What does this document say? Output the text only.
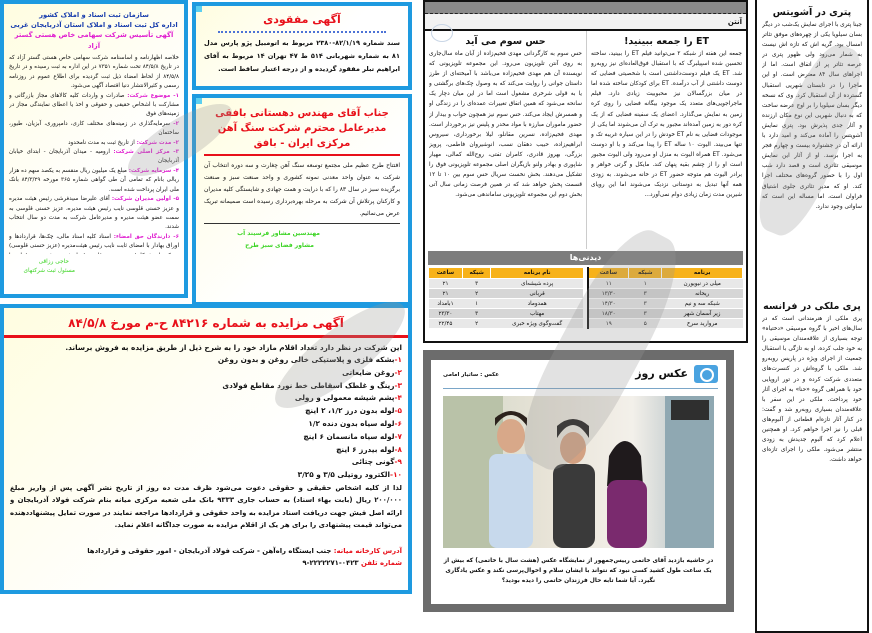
سازمان ثبت اسناد و املاک کشور
اداره کل ثبت اسناد و املاک استان آذربایجان غربی
آگهی تأسیس شرکت سهامی خاص هستی گستر آزاد
خلاصه اظهارنامه و اساسنامه شرکت سهامی خاص هستی گستر آزاد که در تاریخ ۸۴/۵/۸ تحت شماره ۷۳۵۱ در این اداره به ثبت رسیده و در تاریخ ۸۴/۵/۸ از لحاظ امضاء ذیل ثبت گردیده برای اطلاع عموم در روزنامه رسمی و کثیرالانتشار دنیا اقتصاد آگهی می‌شود.
۱- موضوع شرکت: صادرات و واردات کلیه کالاهای مجاز بازرگانی و مشارکت با اشخاص حقیقی و حقوقی و اخذ یا اعطای نمایندگی مجاز در زمینه‌های فوق
۲- سرمایه‌گذاری در زمینه‌های مختلف کاری، دامپروری، آبزیان، طیور، ساختمان
۲- مدت شرکت: از تاریخ ثبت به مدت نامحدود
۳- مرکز اصلی شرکت: ارومیه - میدان آذربایجان - ابتدای خیابان آذربایجان
۴- سرمایه شرکت: مبلغ یک میلیون ریال منقسم به یکصد سهم ده هزار ریالی بانام که تمامی آن طی گواهی شماره ۳۶۵ مورخه ۸۴/۳/۲۹ بانک ملی ایران پرداخت شده است.
۵- اولین مدیران شرکت: آقای علیرضا سیدفرشی رئیس هیئت مدیره و عزیز حسنی قلوسی نایب رئیس هیئت مدیره، عزیز حسنی قلوسی به سمت عضو هیئت مدیره و مدیرعامل شرکت به مدت دو سال انتخاب شدند.
۶- دارندگان حق امضاء: اسناد کلیه اسناد مالی، چک‌ها، قراردادها و اوراق بهادار با امضای ثابت نایب رئیس هیئت‌مدیره (عزیز حسنی قلوسی)
حاجی رزاقی
مسئول ثبت شرکتهای
آگهی مفقودی
سند شماره ۸۲/۱/۱۹-۲۳۸۰ مربوط به اتومبیل پژو پارس مدل ۸۱ به شماره شهربانی ۵۱۴ ط ۴۷ تهران ۱۴ مربوط به آقای ابراهیم تبلر مفقود گردیده و از درجه اعتبار ساقط است.
جناب آقای مهندس دهستانی بافقی مدیرعامل محترم شرکت سنگ آهن مرکزی ایران - بافق
افتتاح طرح عظیم ملی مجتمع توسعه سنگ آهن چغارت و سه دوره انتخاب آن شرکت به عنوان واحد معدنی نمونه کشوری و واحد صنعت سبز و صنعت برگزیده سبز در سال ۸۳ را که با درایت و همت جهادی و شایستگی کلیه مدیران و کارکنان پرتلاش آن شرکت به مرحله بهره‌برداری رسیده است صمیمانه تبریک عرض می‌نمائیم.
مهندسین مشاور فرسیند آب
مشاور فضای سبز طرح
آگهی مزایده به شماره ۸۴۲۱۶ ح-م مورخ ۸۴/۵/۸
این شرکت در نظر دارد تعداد اقلام مازاد خود را به شرح ذیل از طریق مزایده به فروش برساند.
۱-بشکه فلزی و پلاستیکی خالی روغن و بدون روغن
۲-روغن ضایعاتی
۳-رینگ و غلطک اسقاطی خط نورد مقاطع فولادی
۴-پشم شیشه معمولی و رولی
۵-لوله بدون درز ۱/۲، ۲ اینچ
۶-لوله سیاه بدون دنده ۱/۲
۷-لوله سیاه مانسمان ۶ اینچ
۸-لوله بیدرز ۶ اینچ
۹-گونی چتائی
۱۰-الکترود روتیلی ۳/۵ و ۳/۲۵
لذا از کلیه اشخاص حقیقی و حقوقی دعوت می‌شود ظرف مدت ده روز از تاریخ نشر آگهی پس از واریز مبلغ ۲۰۰/۰۰۰ ریال (بابت بهاء اسناد) به حساب جاری ۹۳۳۳ بانک ملی شعبه مرکزی میانه بنام شرکت فولاد آذربایجان و ارائه اصل فیش جهت دریافت اسناد مزایده به واحد حقوقی و قراردادها مراجعه نمایند در صورت تمایل پیشنهاددهنده می‌تواند قیمت پیشنهادی را برای هر یک از اقلام مزایده به صورت جداگانه اعلام نماید.
آدرس کارخانه میانه: جنب ایستگاه راه‌آهن - شرکت فولاد آذربایجان - امور حقوقی و قراردادها
شماره تلفن ۰۴۲۳-۲۲۲۲۲۷۱-۹
آنتن
ET را جمعه ببینید!
جمعه این هفته از شبکه ۲ می‌توانید فیلم ET را ببینید، ساخته تحسین شده اسپیلبرگ که با استقبال فوق‌العاده‌ای نیز روبه‌رو شد. ET یک فیلم دوست‌داشتنی است با شخصیتی فضایی که دوست داشتنی از آب درآمده. ET برای کودکان ساخته شده اما در میان بزرگسالان نیز محبوبیت زیادی دارد. فیلم ماجراجویی‌های متعدد یک موجود بیگانه فضایی را روی کره زمین به نمایش می‌گذارد. اعضای یک سفینه فضایی که از یک کره دور به زمین آمده‌اند مجبور به ترک آن می‌شوند اما یکی از موجودات فضایی به نام ET خودش را در این سیاره غریبه تک و تنها می‌بیند. الیوت ۱۰ ساله ET را پیدا می‌کند و با او دوست می‌شود. ET همراه الیوت به منزل او می‌رود ولی الیوت مجبور است او را از چشم بقیه پنهان کند. مایکل و گرتی خواهر و برادر الیوت هم متوجه حضور ET در خانه می‌شوند. به زودی همه آنها تبدیل به دوستانی نزدیک می‌شوند اما این رویای شیرین مدت زمان زیادی دوام نمی‌آورد...
حس سوم می آید
حس سوم به کارگردانی مهدی فخیم‌زاده از آبان ماه سال‌جاری به روی آنتن تلویزیون می‌رود. این مجموعه تلویزیونی که نویسنده آن هم مهدی فخیم‌زاده می‌باشد با آمیخته‌ای از طرز داستان جوانی را روایت می‌کند که به وصول چک‌های برگشتی و یا به قولی شرخری مشغول است اما در این میان دچار یک سانحه می‌شود که همین اتفاق تغییرات عمده‌ای را در زندگی او و همسرش ایجاد می‌کند. حس سوم نیز همچون خواب و بیدار از حضور ماموران مبارزه با مواد مخدر و پلیس نیز برخوردار است. مهدی فخیم‌زاده، نسرین مقانلو، لیلا برخورداری، سیروس ابراهیم‌زاده، حبیب دهقان نسب، انوشیروان فاطمی، پرویز بزرگی، بهروز قادری، کامران تفتی، روح‌الله کمالی، مهیار شاپوری و بهادر ولنو بازیگران اصلی مجموعه تلویزیونی فوق را تشکیل می‌دهند. بخش نخست سریال حس سوم بین ۱۰ تا ۱۲ قسمت پخش خواهد شد که در همین فرصت زمانی سال آتی بخش دوم این مجموعه تلویزیونی ساماندهی می‌شود.
دیدنی‌ها
برنامه	شبکه	ساعت
میلی در نیویورن	۱	۱۱
ریحانه	۳	۱۳/۳۰
شبکه سه و نیم	۳	۱۴/۳۰
زیر آسمان شهر	۳	۱۸/۳۰
مروارید سرخ	۵	۱۹
نام برنامه	شبکه	ساعت
پرده شیشه‌ای	۳	۲۱
قربانی	۲	۲۱
همدوماد	۱	۱بامداد
مهتاب	۳	۲۳/۳۰
گفت‌وگوی ویژه خبری	۲	۲۲/۴۵
عکس روز
عکس : ساتیار امامی
در حاشیه بازدید آقای خاتمی رییس‌جمهور از نمایشگاه عکس (هشت سال با خاتمی) که بیش از یک ساعت طول کشید کسی نبود که نتواند با ایشان سلام و احوال‌پرسی نکند و عکس یادگاری نگیرد. آیا شما تابه حال فرزندان خاتمی را دیده بودید؟
پتری در آشویتس
جینا پتری با اجرای نمایش یک‌شب در دیگر بسان سیلویا یکی از چهره‌های موفق تئاتر امسال بود. گریه اش که تازه اش نیست به شمار می‌رود ولی ظهور پتری در عرصه تئاتر پر از اتفاق است. اما از اجراهای سال ۸۴ معترض است. او این ماجرا را در تابستان شهریی استقبال گسترده از آن استقبال کرد. وی که نسخه دیگر بسان سیلویا را بر اوج عرضه ساخت که به دنبال شهریی این نوع مکان ارزنده و آثار جدی پذیرش بود. پتری نمایش آشویتس را آماده می‌کند و امید دارد با ارائه آن در جشنواره بیست و چهارم فجر به اجرا برسد. او از آثار این نمایش موسیقی تئاتری است و قصد دارد شب اول را با حضور گروه‌های مختلف اجرا کند. او که مدیر تئاتری جلوی اشتیاق فراوان است، اما مساله این است که ساواتی وجود ندارد.
پری ملکی در فرانسه
پری ملکی از هنرمندانی است که در سال‌های اخیر با گروه موسیقی «دختیاه» توجه بسیاری از علاقه‌مندان موسیقی را به خود جلب کرده. او به تازگی با استقبال جمعیت از اجرای ویژه در پاریس روبه‌رو شد. ملکی با گروه‌اش در کنسرت‌های متعددی شرکت کرده و در تور اروپایی خود با همراهی گروه «حنا» به اجرای آثار خود پرداخت. ملکی در این سفر با علاقه‌مندان بسیاری روبه‌رو شد و گفت: در کنار آثار تازه‌ام قطعاتی از آلبوم‌های قبلی را نیز اجرا خواهم کرد. او همچنین اعلام کرد که آلبوم جدیدش به زودی منتشر می‌شود. ملکی را اجرای تازه‌ای خواهد داشت.
